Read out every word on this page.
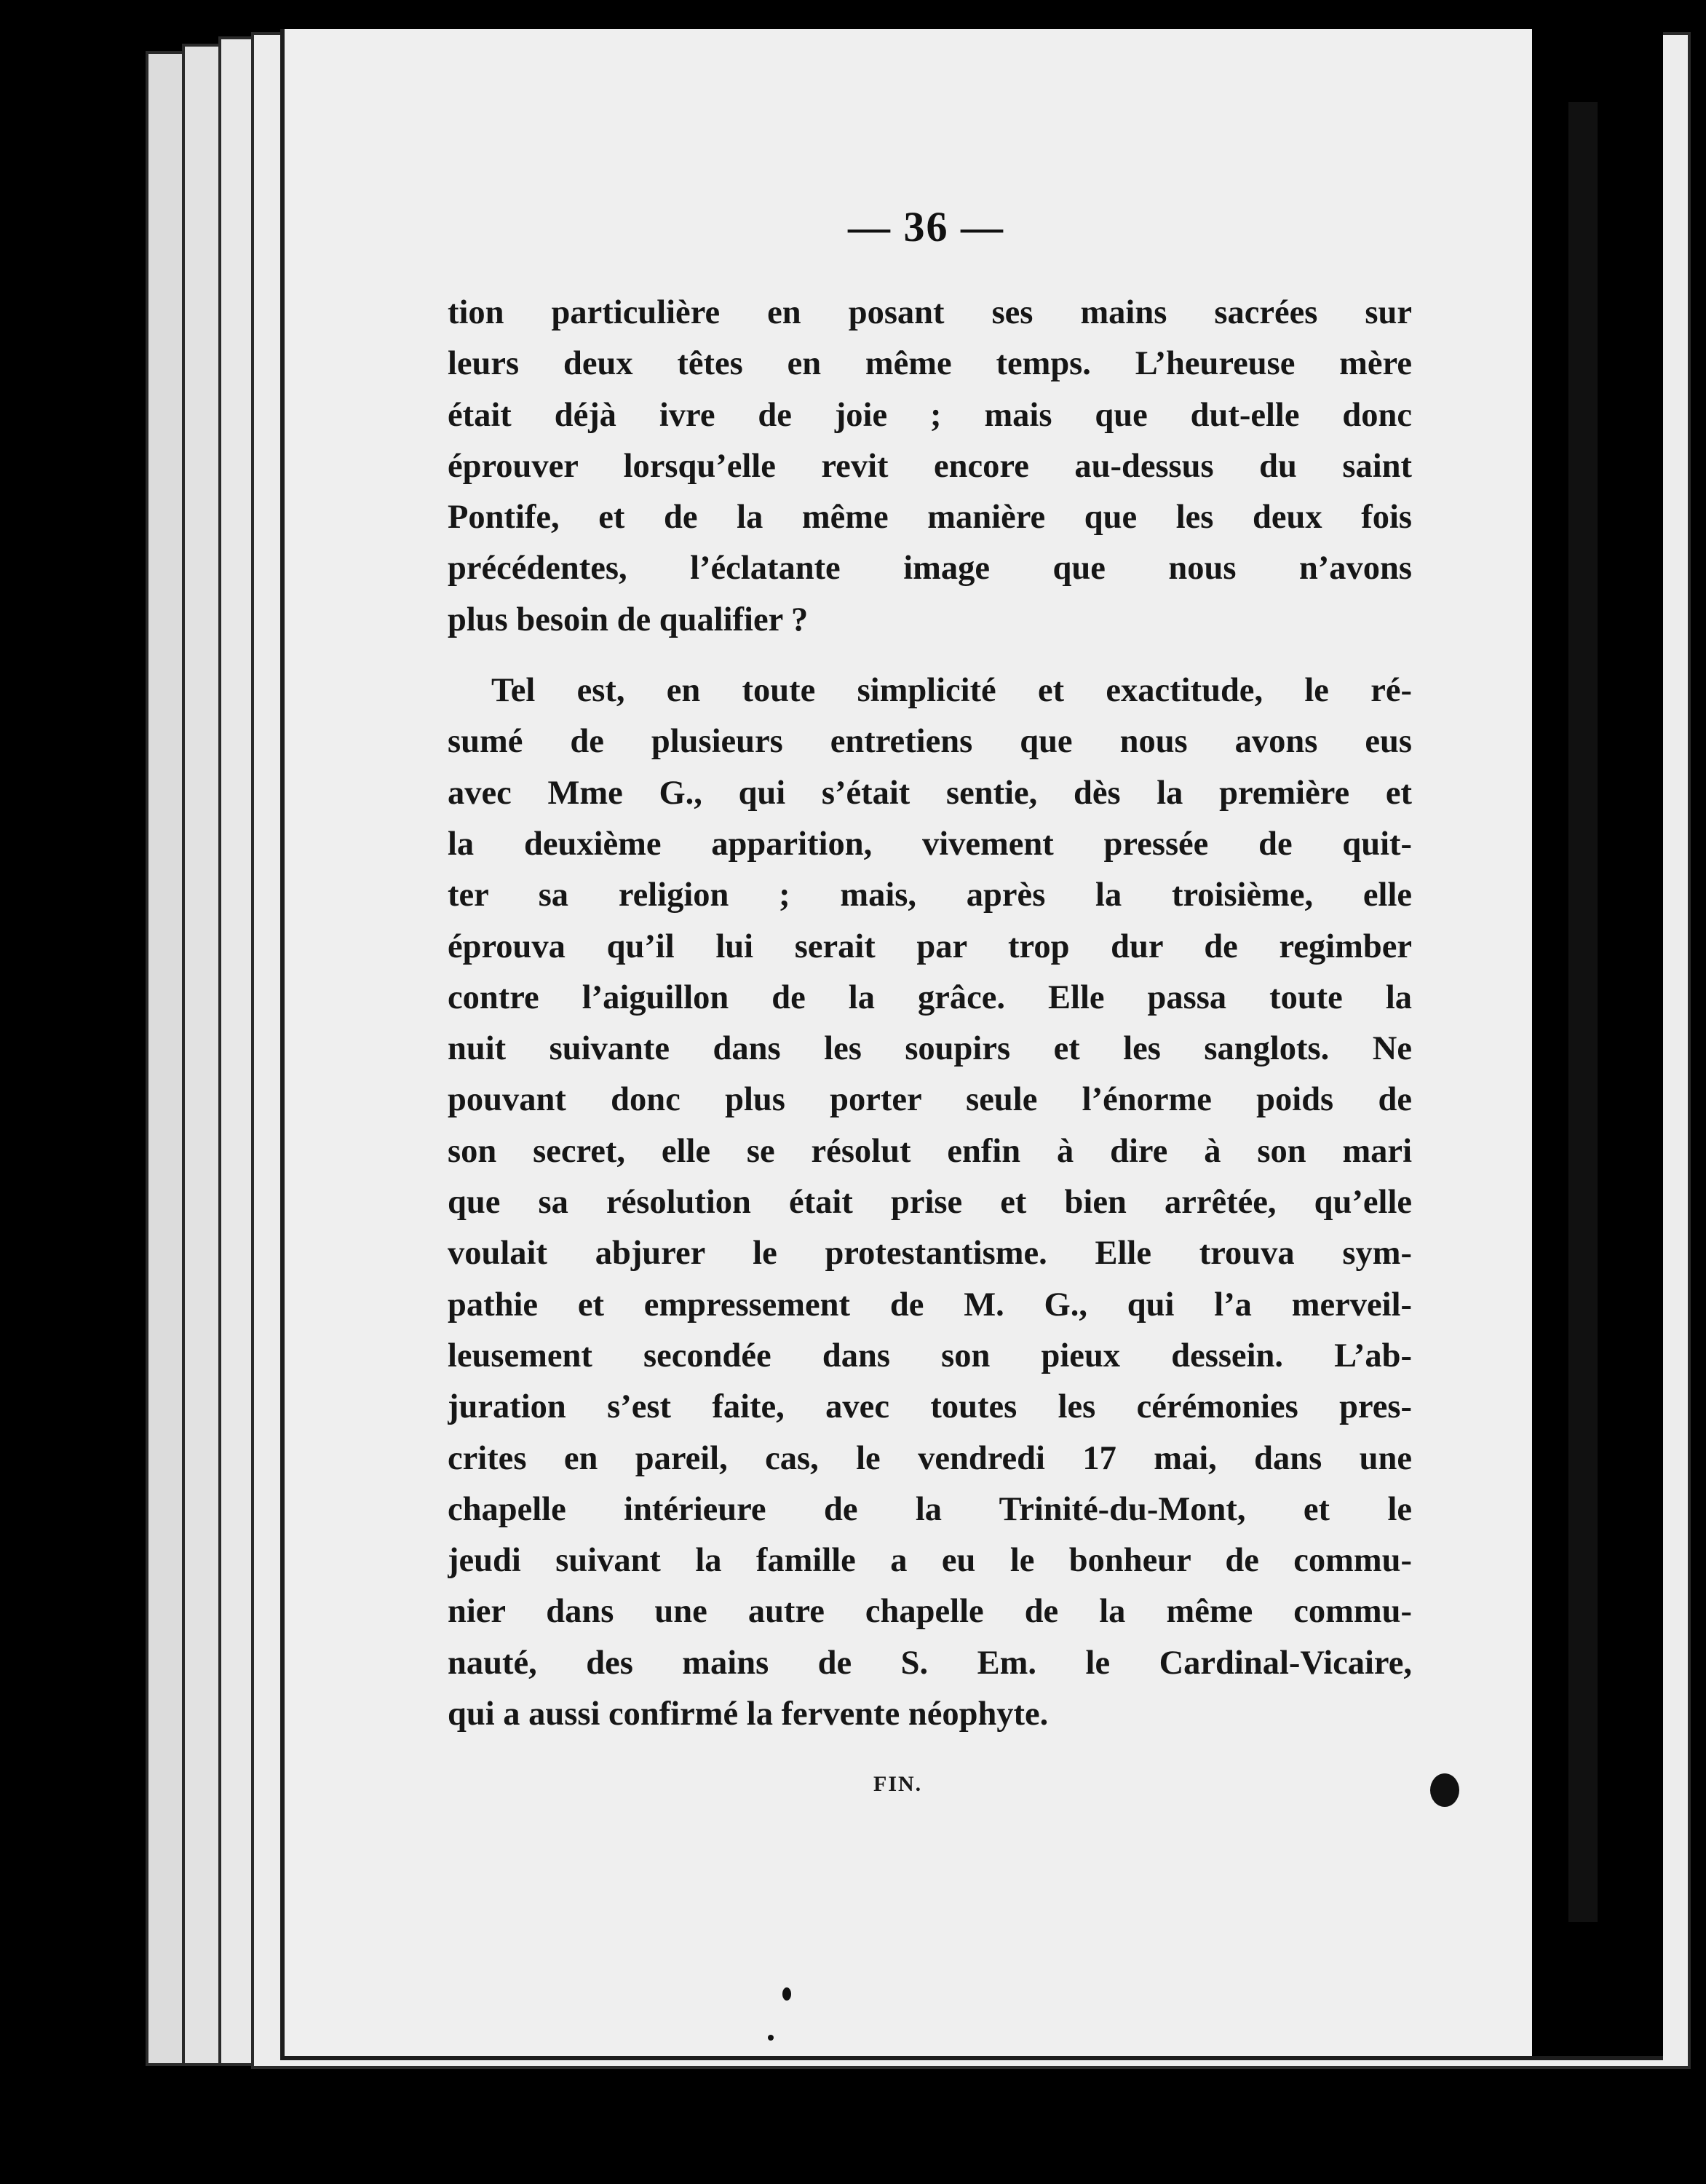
— 36 —
tion particulière en posant ses mains sacrées sur
leurs deux têtes en même temps. L’heureuse mère
était déjà ivre de joie ; mais que dut-elle donc
éprouver lorsqu’elle revit encore au-dessus du saint
Pontife, et de la même manière que les deux fois
précédentes, l’éclatante image que nous n’avons
plus besoin de qualifier ?
Tel est, en toute simplicité et exactitude, le ré-
sumé de plusieurs entretiens que nous avons eus
avec Mme G., qui s’était sentie, dès la première et
la deuxième apparition, vivement pressée de quit-
ter sa religion ; mais, après la troisième, elle
éprouva qu’il lui serait par trop dur de regimber
contre l’aiguillon de la grâce. Elle passa toute la
nuit suivante dans les soupirs et les sanglots. Ne
pouvant donc plus porter seule l’énorme poids de
son secret, elle se résolut enfin à dire à son mari
que sa résolution était prise et bien arrêtée, qu’elle
voulait abjurer le protestantisme. Elle trouva sym-
pathie et empressement de M. G., qui l’a merveil-
leusement secondée dans son pieux dessein. L’ab-
juration s’est faite, avec toutes les cérémonies pres-
crites en pareil, cas, le vendredi 17 mai, dans une
chapelle intérieure de la Trinité-du-Mont, et le
jeudi suivant la famille a eu le bonheur de commu-
nier dans une autre chapelle de la même commu-
nauté, des mains de S. Em. le Cardinal-Vicaire,
qui a aussi confirmé la fervente néophyte.
FIN.
